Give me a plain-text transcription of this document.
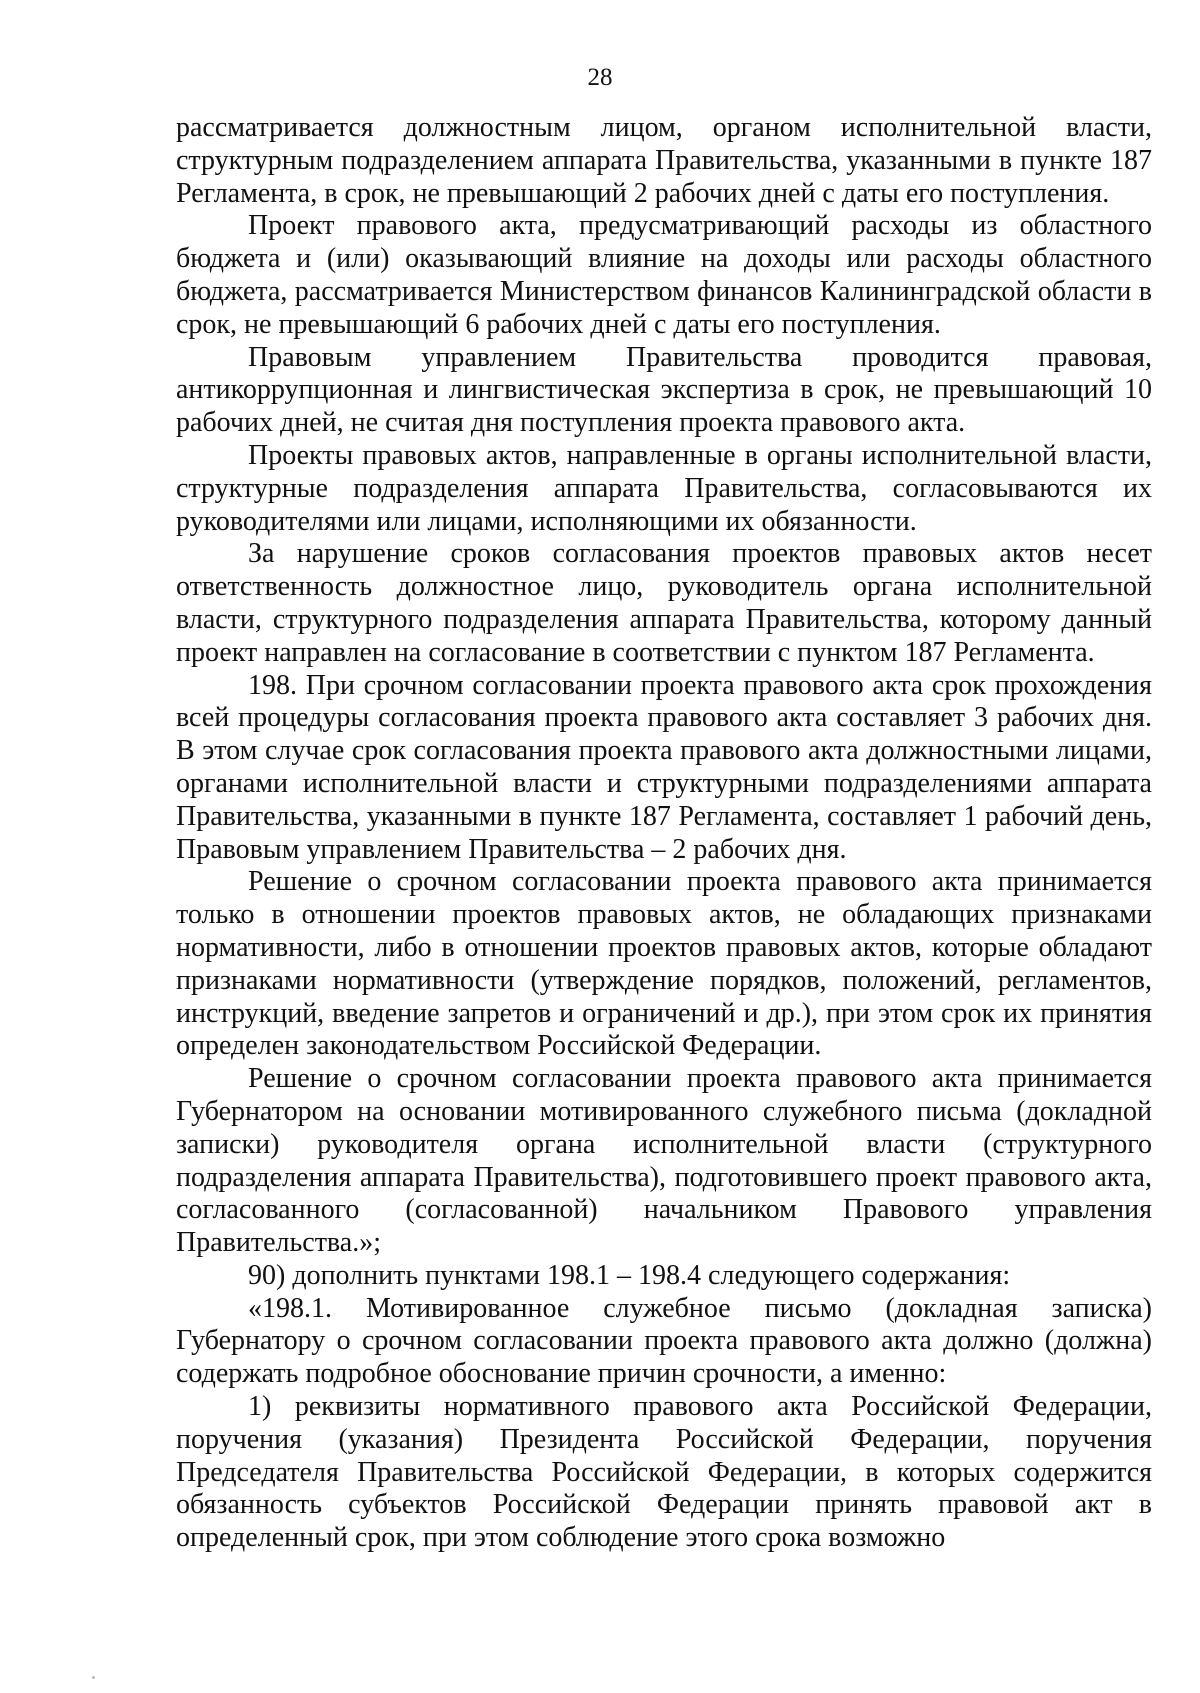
28

рассматривается должностным лицом, органом исполнительной власти, структурным подразделением аппарата Правительства, указанными в пункте 187 Регламента, в срок, не превышающий 2 рабочих дней с даты его поступления.

Проект правового акта, предусматривающий расходы из областного бюджета и (или) оказывающий влияние на доходы или расходы областного бюджета, рассматривается Министерством финансов Калининградской области в срок, не превышающий 6 рабочих дней с даты его поступления.

Правовым управлением Правительства проводится правовая, антикоррупционная и лингвистическая экспертиза в срок, не превышающий 10 рабочих дней, не считая дня поступления проекта правового акта.

Проекты правовых актов, направленные в органы исполнительной власти, структурные подразделения аппарата Правительства, согласовываются их руководителями или лицами, исполняющими их обязанности.

За нарушение сроков согласования проектов правовых актов несет ответственность должностное лицо, руководитель органа исполнительной власти, структурного подразделения аппарата Правительства, которому данный проект направлен на согласование в соответствии с пунктом 187 Регламента.

198. При срочном согласовании проекта правового акта срок прохождения всей процедуры согласования проекта правового акта составляет 3 рабочих дня. В этом случае срок согласования проекта правового акта должностными лицами, органами исполнительной власти и структурными подразделениями аппарата Правительства, указанными в пункте 187 Регламента, составляет 1 рабочий день, Правовым управлением Правительства – 2 рабочих дня.

Решение о срочном согласовании проекта правового акта принимается только в отношении проектов правовых актов, не обладающих признаками нормативности, либо в отношении проектов правовых актов, которые обладают признаками нормативности (утверждение порядков, положений, регламентов, инструкций, введение запретов и ограничений и др.), при этом срок их принятия определен законодательством Российской Федерации.

Решение о срочном согласовании проекта правового акта принимается Губернатором на основании мотивированного служебного письма (докладной записки) руководителя органа исполнительной власти (структурного подразделения аппарата Правительства), подготовившего проект правового акта, согласованного (согласованной) начальником Правового управления Правительства.»;

90) дополнить пунктами 198.1 – 198.4 следующего содержания:

«198.1. Мотивированное служебное письмо (докладная записка) Губернатору о срочном согласовании проекта правового акта должно (должна) содержать подробное обоснование причин срочности, а именно:

1) реквизиты нормативного правового акта Российской Федерации, поручения (указания) Президента Российской Федерации, поручения Председателя Правительства Российской Федерации, в которых содержится обязанность субъектов Российской Федерации принять правовой акт в определенный срок, при этом соблюдение этого срока возможно
